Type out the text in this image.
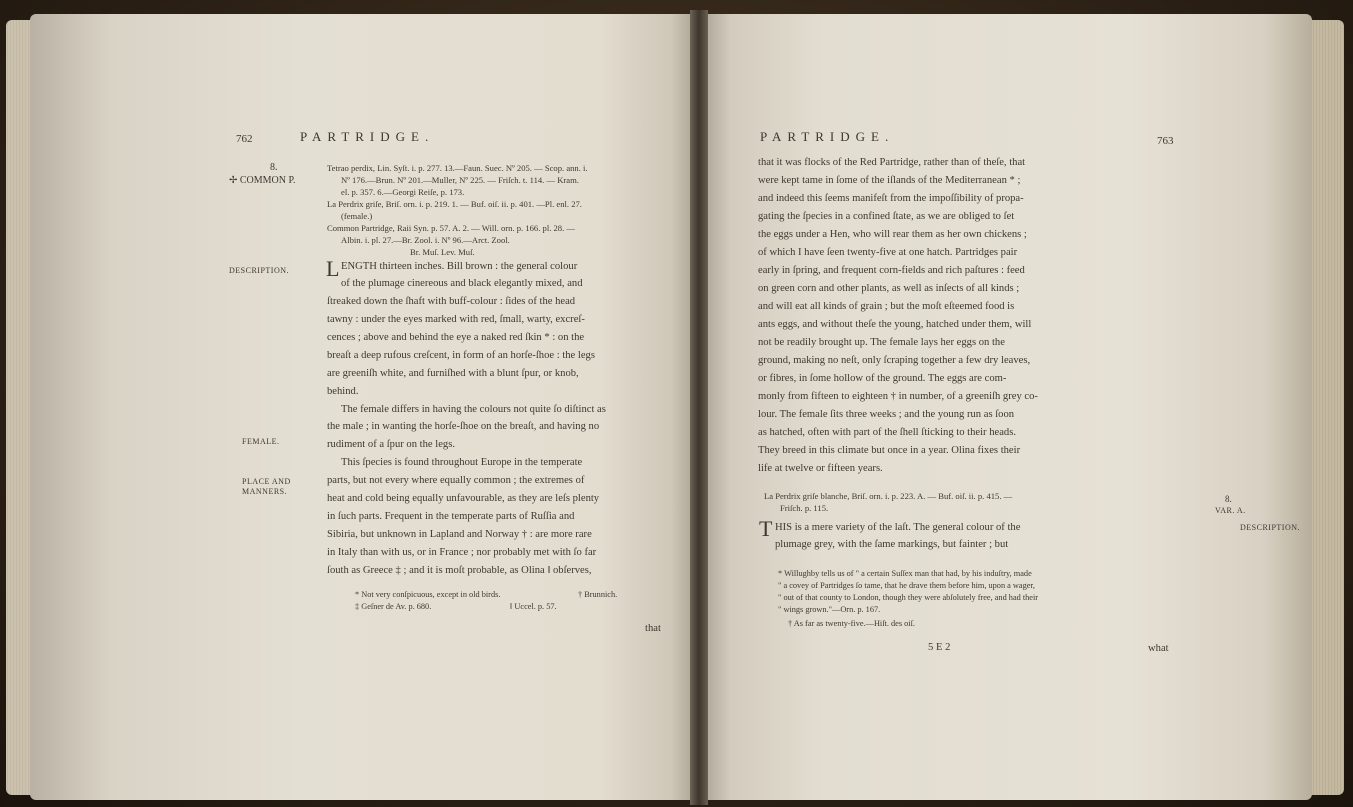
762	PARTRIDGE.
8.
✢ COMMON P.
Tetrao perdix, Lin. Syſt. i. p. 277. 13.—Faun. Suec. Nº 205. — Scop. ann. i.
Nº 176.—Brun. Nº 201.—Muller, Nº 225. — Friſch. t. 114. — Kram.
el. p. 357. 6.—Georgi Reiſe, p. 173.
La Perdrix griſe, Briſ. orn. i. p. 219. 1. — Buf. oiſ. ii. p. 401. —Pl. enl. 27.
(female.)
Common Partridge, Raii Syn. p. 57. A. 2. — Will. orn. p. 166. pl. 28. —
Albin. i. pl. 27.—Br. Zool. i. Nº 96.—Arct. Zool.
Br. Muſ. Lev. Muſ.
DESCRIPTION.
FEMALE.
PLACE AND
MANNERS.
L ENGTH thirteen inches. Bill brown : the general colour
of the plumage cinereous and black elegantly mixed, and
ſtreaked down the ſhaft with buff-colour : ſides of the head
tawny : under the eyes marked with red, ſmall, warty, excreſ-
cences ; above and behind the eye a naked red ſkin * : on the
breaſt a deep rufous creſcent, in form of an horſe-ſhoe : the legs
are greeniſh white, and furniſhed with a blunt ſpur, or knob,
behind.
The female differs in having the colours not quite ſo diſtinct as
the male ; in wanting the horſe-ſhoe on the breaſt, and having no
rudiment of a ſpur on the legs.
This ſpecies is found throughout Europe in the temperate
parts, but not every where equally common ; the extremes of
heat and cold being equally unfavourable, as they are leſs plenty
in ſuch parts. Frequent in the temperate parts of Ruſſia and
Sibiria, but unknown in Lapland and Norway † : are more rare
in Italy than with us, or in France ; nor probably met with ſo far
ſouth as Greece ‡ ; and it is moſt probable, as Olina ‖ obſerves,
* Not very conſpicuous, except in old birds.	† Brunnich.
‡ Geſner de Av. p. 680.	‖ Uccel. p. 57.
that
PARTRIDGE.	763
that it was flocks of the Red Partridge, rather than of theſe, that
were kept tame in ſome of the iſlands of the Mediterranean * ;
and indeed this ſeems manifeſt from the impoſſibility of propa-
gating the ſpecies in a confined ſtate, as we are obliged to ſet
the eggs under a Hen, who will rear them as her own chickens ;
of which I have ſeen twenty-five at one hatch. Partridges pair
early in ſpring, and frequent corn-fields and rich paſtures : feed
on green corn and other plants, as well as inſects of all kinds ;
and will eat all kinds of grain ; but the moſt eſteemed food is
ants eggs, and without theſe the young, hatched under them, will
not be readily brought up. The female lays her eggs on the
ground, making no neſt, only ſcraping together a few dry leaves,
or fibres, in ſome hollow of the ground. The eggs are com-
monly from fifteen to eighteen † in number, of a greeniſh grey co-
lour. The female ſits three weeks ; and the young run as ſoon
as hatched, often with part of the ſhell ſticking to their heads.
They breed in this climate but once in a year. Olina fixes their
life at twelve or fifteen years.
La Perdrix griſe blanche, Briſ. orn. i. p. 223. A. — Buf. oiſ. ii. p. 415. —
Friſch. p. 115.
8.
VAR. A.
DESCRIPTION.
T HIS is a mere variety of the laſt. The general colour of the
plumage grey, with the ſame markings, but fainter ; but
* Willughby tells us of " a certain Suſſex man that had, by his induſtry, made
" a covey of Partridges ſo tame, that he drave them before him, upon a wager,
" out of that county to London, though they were abſolutely free, and had their
" wings grown."—Orn. p. 167.
† As far as twenty-five.—Hiſt. des oiſ.
5 E 2	what
